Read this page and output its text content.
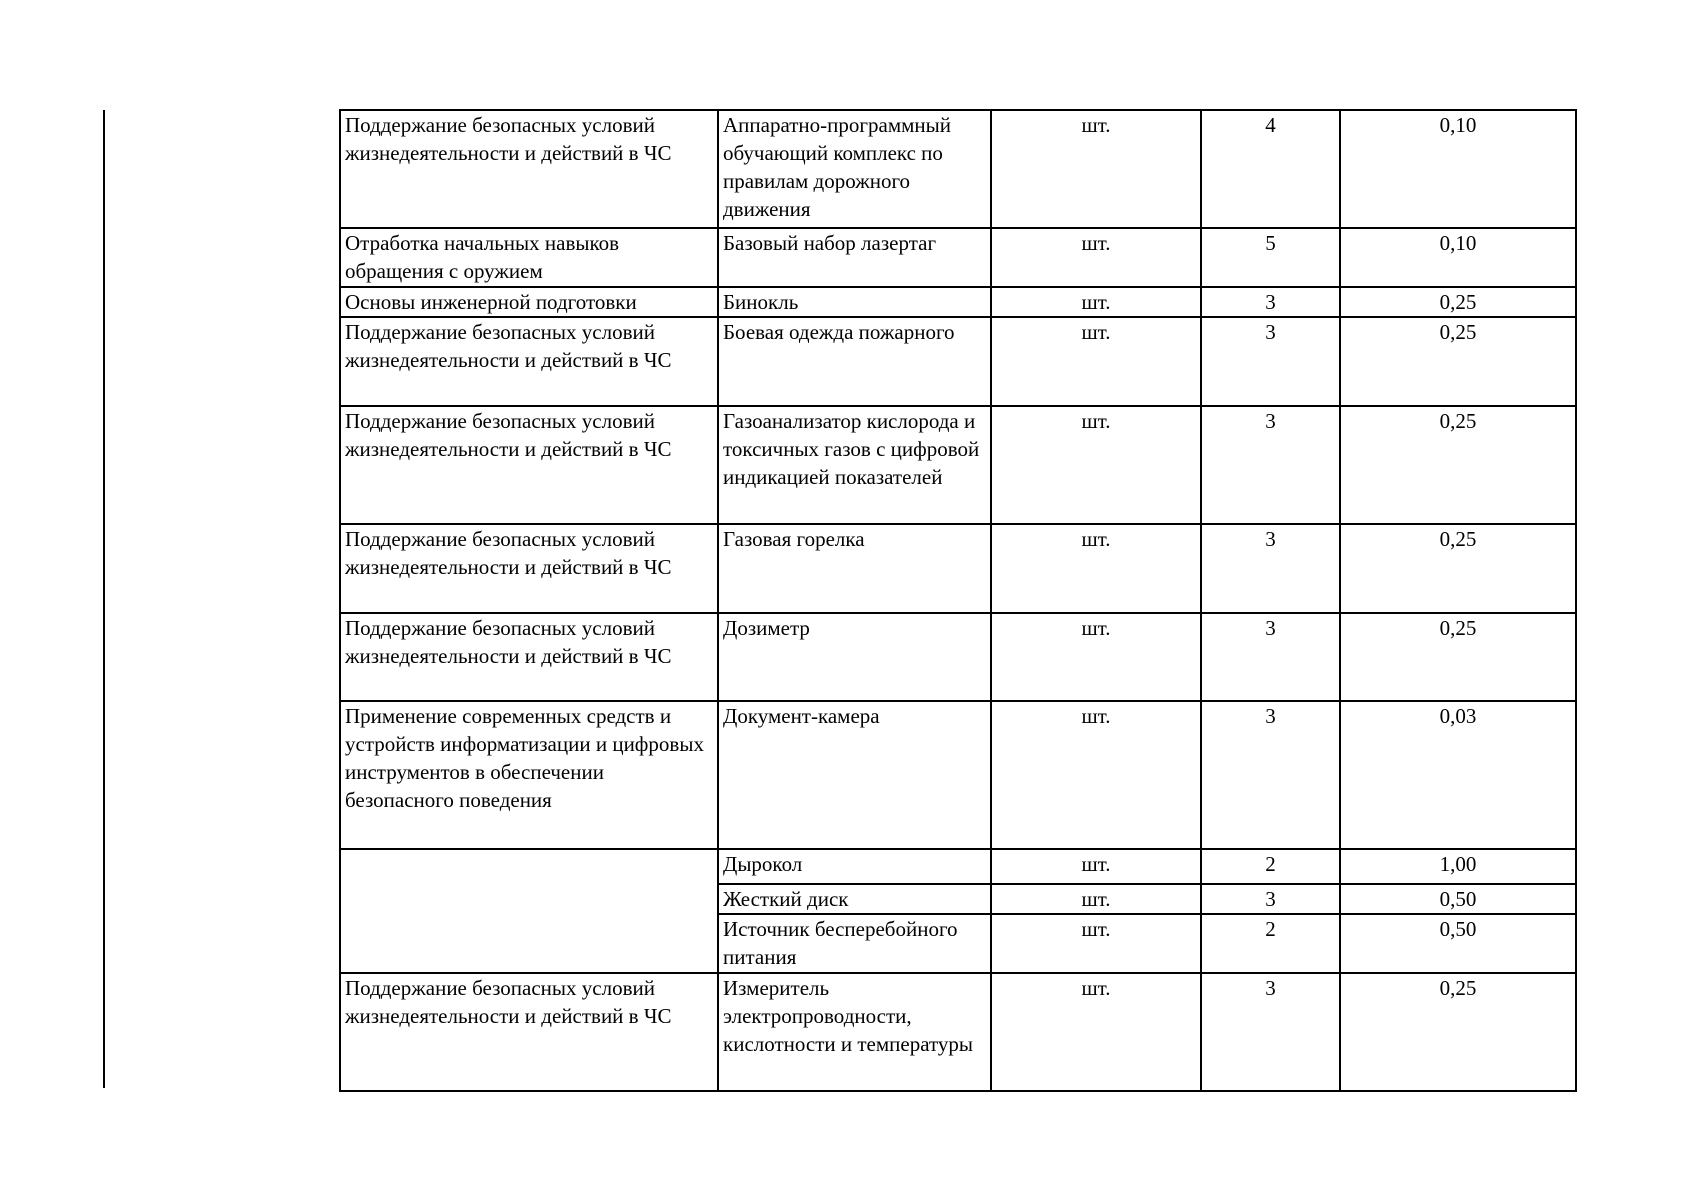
Поддержание безопасных условий жизнедеятельности и действий в ЧС	Аппаратно-программный обучающий комплекс по правилам дорожного движения	шт.	4	0,10
Отработка начальных навыков обращения с оружием	Базовый набор лазертаг	шт.	5	0,10
Основы инженерной подготовки	Бинокль	шт.	3	0,25
Поддержание безопасных условий жизнедеятельности и действий в ЧС	Боевая одежда пожарного	шт.	3	0,25
Поддержание безопасных условий жизнедеятельности и действий в ЧС	Газоанализатор кислорода и токсичных газов с цифровой индикацией показателей	шт.	3	0,25
Поддержание безопасных условий жизнедеятельности и действий в ЧС	Газовая горелка	шт.	3	0,25
Поддержание безопасных условий жизнедеятельности и действий в ЧС	Дозиметр	шт.	3	0,25
Применение современных средств и устройств информатизации и цифровых инструментов в обеспечении безопасного поведения	Документ-камера	шт.	3	0,03
	Дырокол	шт.	2	1,00
	Жесткий диск	шт.	3	0,50
	Источник бесперебойного питания	шт.	2	0,50
Поддержание безопасных условий жизнедеятельности и действий в ЧС	Измеритель электропроводности, кислотности и температуры	шт.	3	0,25
